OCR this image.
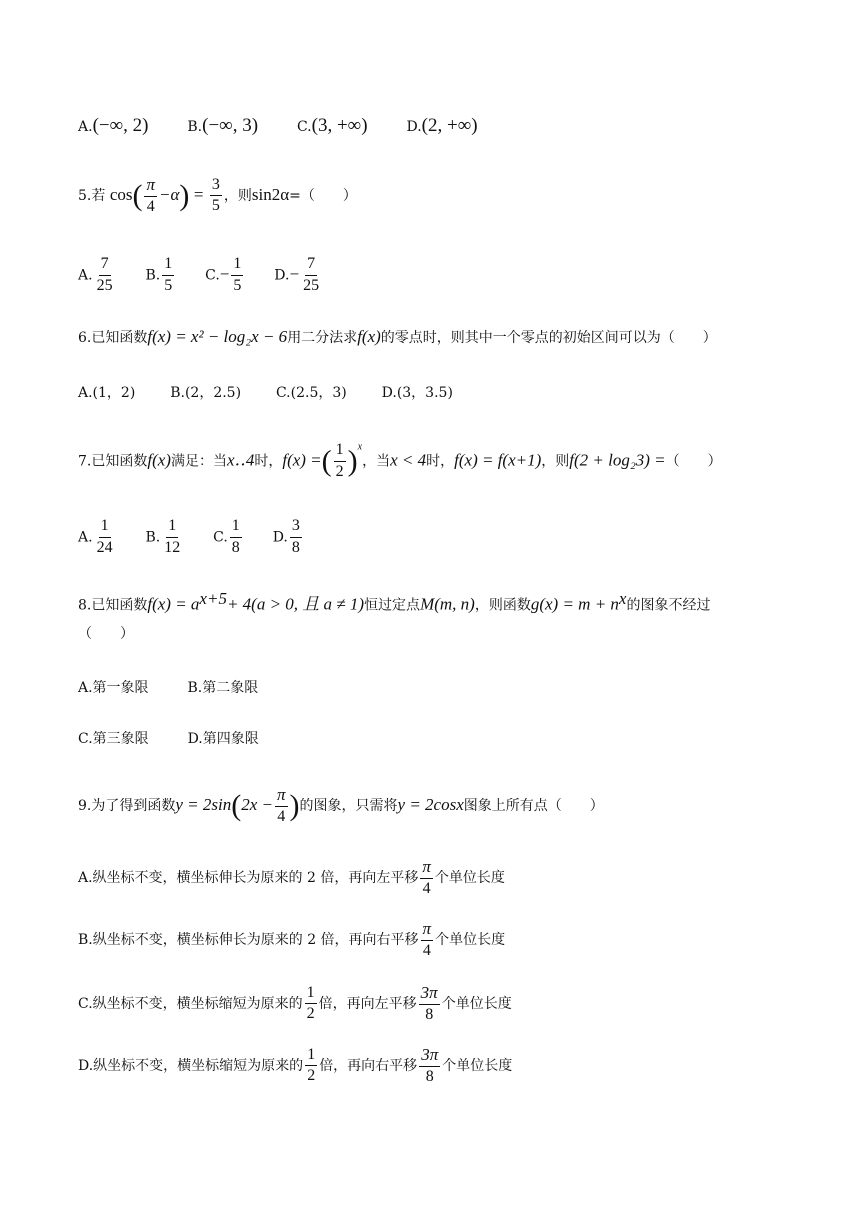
A.(−∞, 2)	B.(−∞, 3)	C.(3, +∞)	D.(2, +∞)
5.若 $\cos( \frac{\pi}{4} -\alpha) = \frac{3}{5}$ ，则sin2α=（　　）
A. $\frac{7}{25} B$. $\frac{1}{5} C.- \frac{1}{5} D.- \frac{7}{25}$
6.已知函数f(x) = x² − log₂x − 6用二分法求f(x)的零点时，则其中一个零点的初始区间可以为（　　）
A.(1，2) B.(2，2.5) C.(2.5，3) D.(3，3.5)
7.已知函数f(x)满足：当x‥4时，f(x) =( $\frac{1}{2} )^x$，当x < 4时，f(x) = f(x+1)，则f(2 + log₂3) =（　　）
A. $\frac{1}{24} B$. $\frac{1}{12} C$. $\frac{1}{8} D$. $\frac{3}{8}$
8.已知函数$f(x) = a^{x+5}+ 4(a > 0$, 且 a ≠ 1)恒过定点M(m, n)，则函数$g(x) = m + n^x$的图象不经过
（　　）
A.第一象限	B.第二象限
C.第三象限	D.第四象限
9.为了得到函数$y = 2\sin(2x - \frac{\pi}{4}$ )的图象，只需将y = 2cosx图象上所有点（　　）
A.纵坐标不变，横坐标伸长为原来的 2 倍，再向左平移 $\frac{\pi}{4}$ 个单位长度
B.纵坐标不变，横坐标伸长为原来的 2 倍，再向右平移 $\frac{\pi}{4}$ 个单位长度
C.纵坐标不变，横坐标缩短为原来的 $\frac{1}{2}$ 倍，再向左平移 $\frac{3\pi}{8}$ 个单位长度
D.纵坐标不变，横坐标缩短为原来的 $\frac{1}{2}$ 倍，再向右平移 $\frac{3\pi}{8}$ 个单位长度
